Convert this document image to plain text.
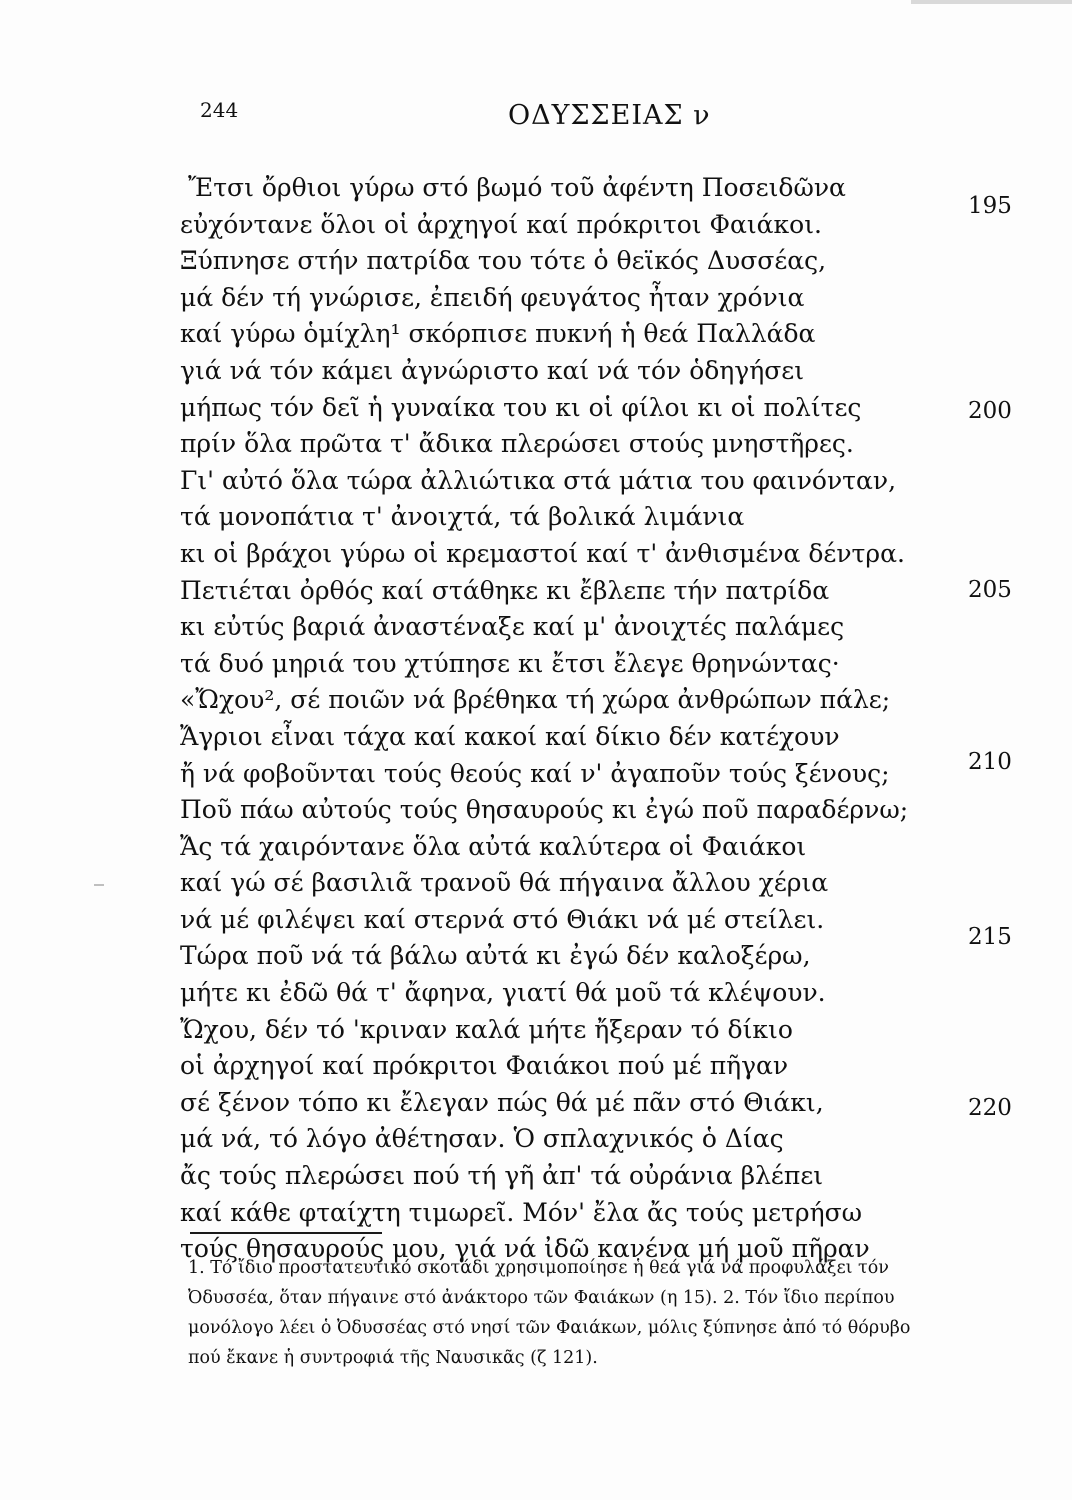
244	ΟΔΥΣΣΕΙΑΣ ν
Ἔτσι ὄρθιοι γύρω στό βωμό τοῦ ἀφέντη Ποσειδῶνα
εὐχόντανε ὅλοι οἱ ἀρχηγοί καί πρόκριτοι Φαιάκοι.
Ξύπνησε στήν πατρίδα του τότε ὁ θεϊκός Δυσσέας,
μά δέν τή γνώρισε, ἐπειδή φευγάτος ἦταν χρόνια
καί γύρω ὁμίχλη¹ σκόρπισε πυκνή ἡ θεά Παλλάδα
γιά νά τόν κάμει ἀγνώριστο καί νά τόν ὁδηγήσει
μήπως τόν δεῖ ἡ γυναίκα του κι οἱ φίλοι κι οἱ πολίτες
πρίν ὅλα πρῶτα τ' ἄδικα πλερώσει στούς μνηστῆρες.
Γι' αὐτό ὅλα τώρα ἀλλιώτικα στά μάτια του φαινόνταν,
τά μονοπάτια τ' ἀνοιχτά, τά βολικά λιμάνια
κι οἱ βράχοι γύρω οἱ κρεμαστοί καί τ' ἀνθισμένα δέντρα.
Πετιέται ὀρθός καί στάθηκε κι ἔβλεπε τήν πατρίδα
κι εὐτύς βαριά ἀναστέναξε καί μ' ἀνοιχτές παλάμες
τά δυό μηριά του χτύπησε κι ἔτσι ἔλεγε θρηνώντας·
«Ὤχου², σέ ποιῶν νά βρέθηκα τή χώρα ἀνθρώπων πάλε;
Ἄγριοι εἶναι τάχα καί κακοί καί δίκιο δέν κατέχουν
ἤ νά φοβοῦνται τούς θεούς καί ν' ἀγαποῦν τούς ξένους;
Ποῦ πάω αὐτούς τούς θησαυρούς κι ἐγώ ποῦ παραδέρνω;
Ἄς τά χαιρόντανε ὅλα αὐτά καλύτερα οἱ Φαιάκοι
καί γώ σέ βασιλιᾶ τρανοῦ θά πήγαινα ἄλλου χέρια
νά μέ φιλέψει καί στερνά στό Θιάκι νά μέ στείλει.
Τώρα ποῦ νά τά βάλω αὐτά κι ἐγώ δέν καλοξέρω,
μήτε κι ἐδῶ θά τ' ἄφηνα, γιατί θά μοῦ τά κλέψουν.
Ὤχου, δέν τό 'κριναν καλά μήτε ἤξεραν τό δίκιο
οἱ ἀρχηγοί καί πρόκριτοι Φαιάκοι πού μέ πῆγαν
σέ ξένον τόπο κι ἔλεγαν πώς θά μέ πᾶν στό Θιάκι,
μά νά, τό λόγο ἀθέτησαν. Ὁ σπλαχνικός ὁ Δίας
ἄς τούς πλερώσει πού τή γῆ ἀπ' τά οὐράνια βλέπει
καί κάθε φταίχτη τιμωρεῖ. Μόν' ἔλα ἄς τούς μετρήσω
τούς θησαυρούς μου, γιά νά ἰδῶ κανένα μή μοῦ πῆραν
195
200
205
210
215
220
1. Τό ἴδιο προστατευτικό σκοτάδι χρησιμοποίησε ἡ θεά γιά νά προφυλάξει τόν
Ὀδυσσέα, ὅταν πήγαινε στό ἀνάκτορο τῶν Φαιάκων (η 15). 2. Τόν ἴδιο περίπου
μονόλογο λέει ὁ Ὀδυσσέας στό νησί τῶν Φαιάκων, μόλις ξύπνησε ἀπό τό θόρυβο
πού ἔκανε ἡ συντροφιά τῆς Ναυσικᾶς (ζ 121).
